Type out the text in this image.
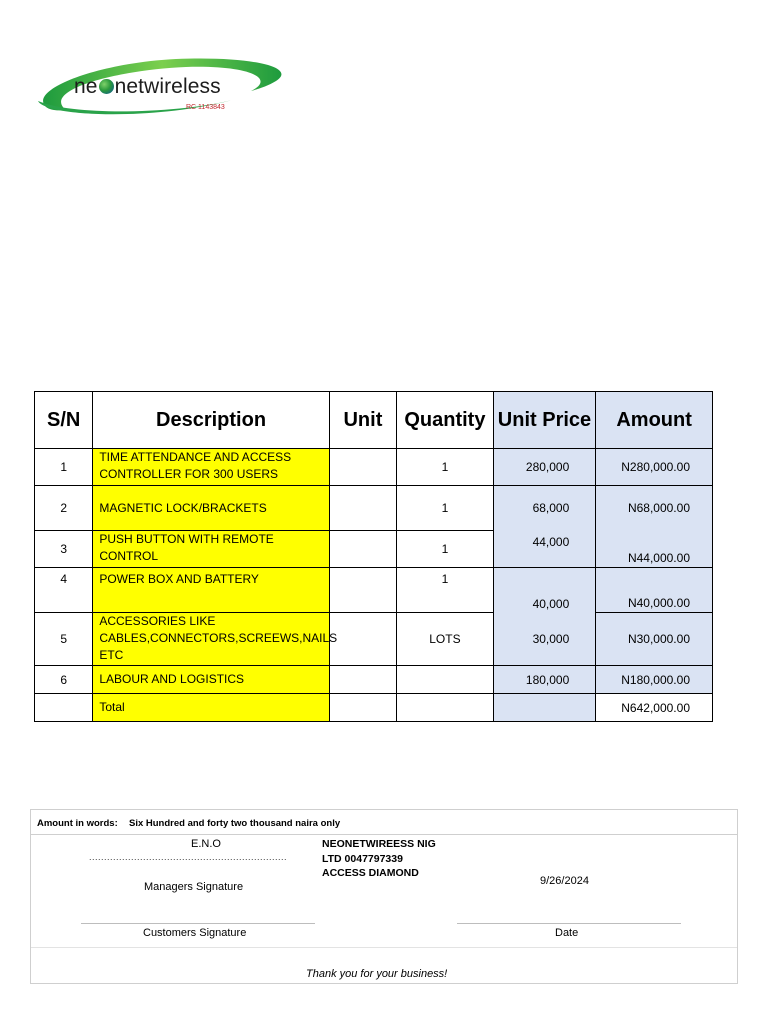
ne netwireless
RC 1143843
S/N	Description	Unit	Quantity	Unit Price	Amount
1	TIME ATTENDANCE AND ACCESS CONTROLLER FOR 300 USERS		1	280,000	N280,000.00
2	MAGNETIC LOCK/BRACKETS		1	68,000	N68,000.00
3	PUSH BUTTON WITH REMOTE CONTROL		1	44,000	N44,000.00
4	POWER BOX AND BATTERY		1	40,000	N40,000.00
5	ACCESSORIES LIKE CABLES,CONNECTORS,SCREEWS,NAILS ETC		LOTS	30,000	N30,000.00
6	LABOUR AND LOGISTICS			180,000	N180,000.00
	Total				N642,000.00
Amount in words: Six Hundred and forty two thousand naira only
E.N.O
..................................................................
NEONETWIREESS NIG
LTD 0047797339
ACCESS DIAMOND
Managers Signature	9/26/2024
Customers Signature	Date
Thank you for your business!
